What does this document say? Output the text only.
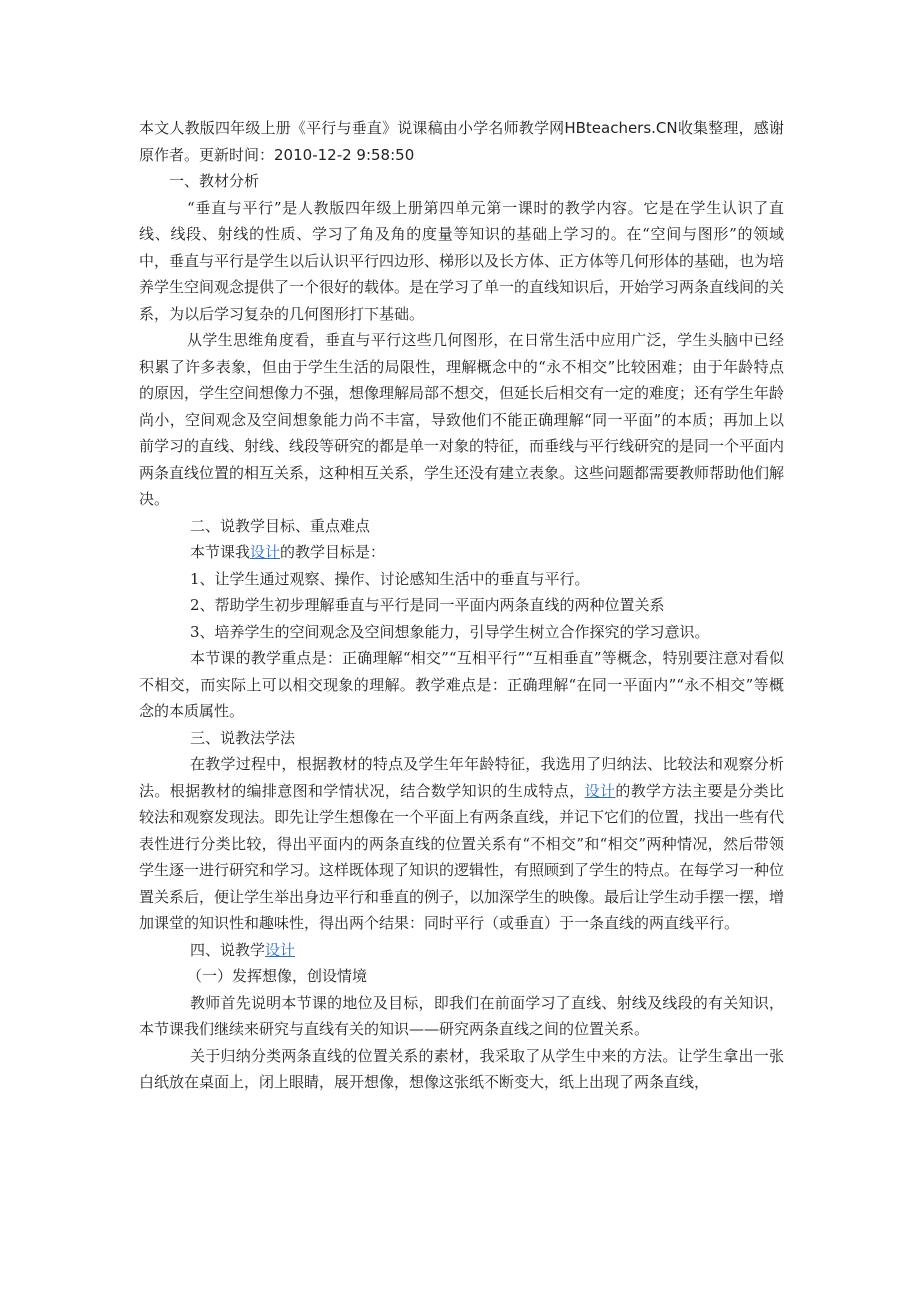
本文人教版四年级上册《平行与垂直》说课稿由小学名师教学网HBteachers.CN收集整理，感谢原作者。更新时间：2010-12-2 9:58:50

一、教材分析

“垂直与平行”是人教版四年级上册第四单元第一课时的教学内容。它是在学生认识了直线、线段、射线的性质、学习了角及角的度量等知识的基础上学习的。在“空间与图形”的领域中，垂直与平行是学生以后认识平行四边形、梯形以及长方体、正方体等几何形体的基础，也为培养学生空间观念提供了一个很好的载体。是在学习了单一的直线知识后，开始学习两条直线间的关系，为以后学习复杂的几何图形打下基础。

从学生思维角度看，垂直与平行这些几何图形，在日常生活中应用广泛，学生头脑中已经积累了许多表象，但由于学生生活的局限性，理解概念中的“永不相交”比较困难；由于年龄特点的原因，学生空间想像力不强，想像理解局部不想交，但延长后相交有一定的难度；还有学生年龄尚小，空间观念及空间想象能力尚不丰富，导致他们不能正确理解“同一平面”的本质；再加上以前学习的直线、射线、线段等研究的都是单一对象的特征，而垂线与平行线研究的是同一个平面内两条直线位置的相互关系，这种相互关系，学生还没有建立表象。这些问题都需要教师帮助他们解决。

二、说教学目标、重点难点

本节课我设计的教学目标是：

1、让学生通过观察、操作、讨论感知生活中的垂直与平行。

2、帮助学生初步理解垂直与平行是同一平面内两条直线的两种位置关系

3、培养学生的空间观念及空间想象能力，引导学生树立合作探究的学习意识。

本节课的教学重点是：正确理解“相交”“互相平行”“互相垂直”等概念，特别要注意对看似不相交，而实际上可以相交现象的理解。教学难点是：正确理解“在同一平面内”“永不相交”等概念的本质属性。

三、说教法学法

在教学过程中，根据教材的特点及学生年年龄特征，我选用了归纳法、比较法和观察分析法。根据教材的编排意图和学情状况，结合数学知识的生成特点，设计的教学方法主要是分类比较法和观察发现法。即先让学生想像在一个平面上有两条直线，并记下它们的位置，找出一些有代表性进行分类比较，得出平面内的两条直线的位置关系有“不相交”和“相交”两种情况，然后带领学生逐一进行研究和学习。这样既体现了知识的逻辑性，有照顾到了学生的特点。在每学习一种位置关系后，便让学生举出身边平行和垂直的例子，以加深学生的映像。最后让学生动手摆一摆，增加课堂的知识性和趣味性，得出两个结果：同时平行（或垂直）于一条直线的两直线平行。

四、说教学设计

（一）发挥想像，创设情境

教师首先说明本节课的地位及目标，即我们在前面学习了直线、射线及线段的有关知识，本节课我们继续来研究与直线有关的知识——研究两条直线之间的位置关系。

关于归纳分类两条直线的位置关系的素材，我采取了从学生中来的方法。让学生拿出一张白纸放在桌面上，闭上眼睛，展开想像，想像这张纸不断变大，纸上出现了两条直线，
